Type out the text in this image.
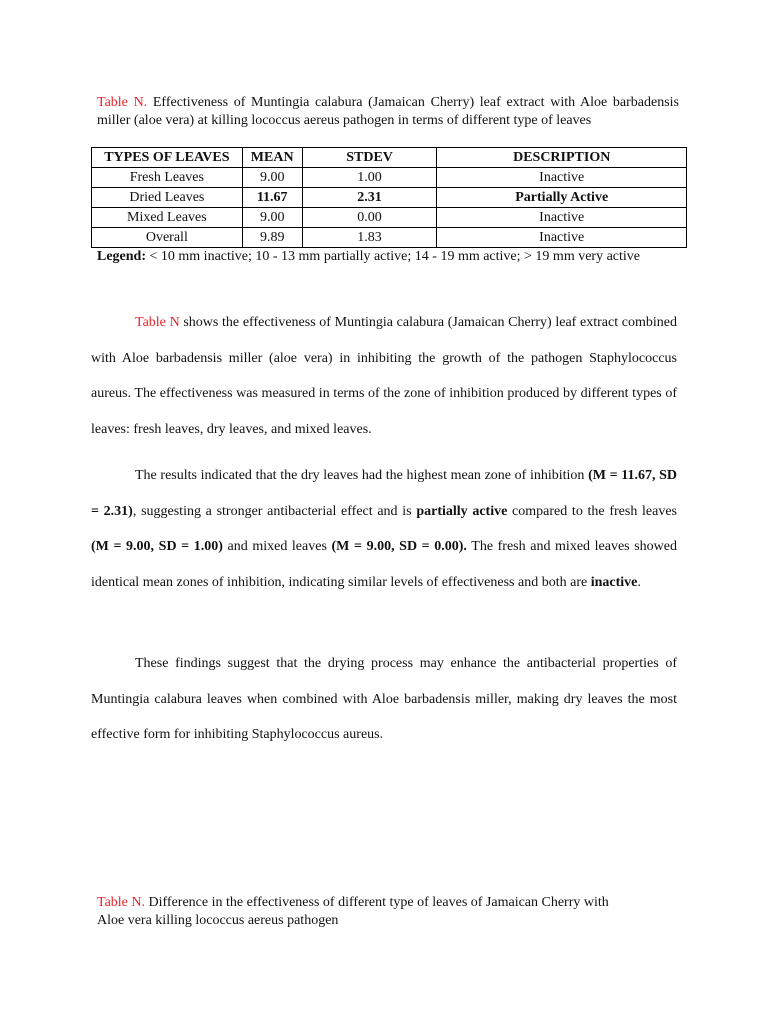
Table N. Effectiveness of Muntingia calabura (Jamaican Cherry) leaf extract with Aloe barbadensis miller (aloe vera) at killing lococcus aereus pathogen in terms of different type of leaves
TYPES OF LEAVES	MEAN	STDEV	DESCRIPTION
Fresh Leaves	9.00	1.00	Inactive
Dried Leaves	11.67	2.31	Partially Active
Mixed Leaves	9.00	0.00	Inactive
Overall	9.89	1.83	Inactive
Legend: < 10 mm inactive; 10 - 13 mm partially active; 14 - 19 mm active; > 19 mm very active

Table N shows the effectiveness of Muntingia calabura (Jamaican Cherry) leaf extract combined with Aloe barbadensis miller (aloe vera) in inhibiting the growth of the pathogen Staphylococcus aureus. The effectiveness was measured in terms of the zone of inhibition produced by different types of leaves: fresh leaves, dry leaves, and mixed leaves.

The results indicated that the dry leaves had the highest mean zone of inhibition (M = 11.67, SD = 2.31), suggesting a stronger antibacterial effect and is partially active compared to the fresh leaves (M = 9.00, SD = 1.00) and mixed leaves (M = 9.00, SD = 0.00). The fresh and mixed leaves showed identical mean zones of inhibition, indicating similar levels of effectiveness and both are inactive.

These findings suggest that the drying process may enhance the antibacterial properties of Muntingia calabura leaves when combined with Aloe barbadensis miller, making dry leaves the most effective form for inhibiting Staphylococcus aureus.

Table N. Difference in the effectiveness of different type of leaves of Jamaican Cherry with Aloe vera killing lococcus aereus pathogen
